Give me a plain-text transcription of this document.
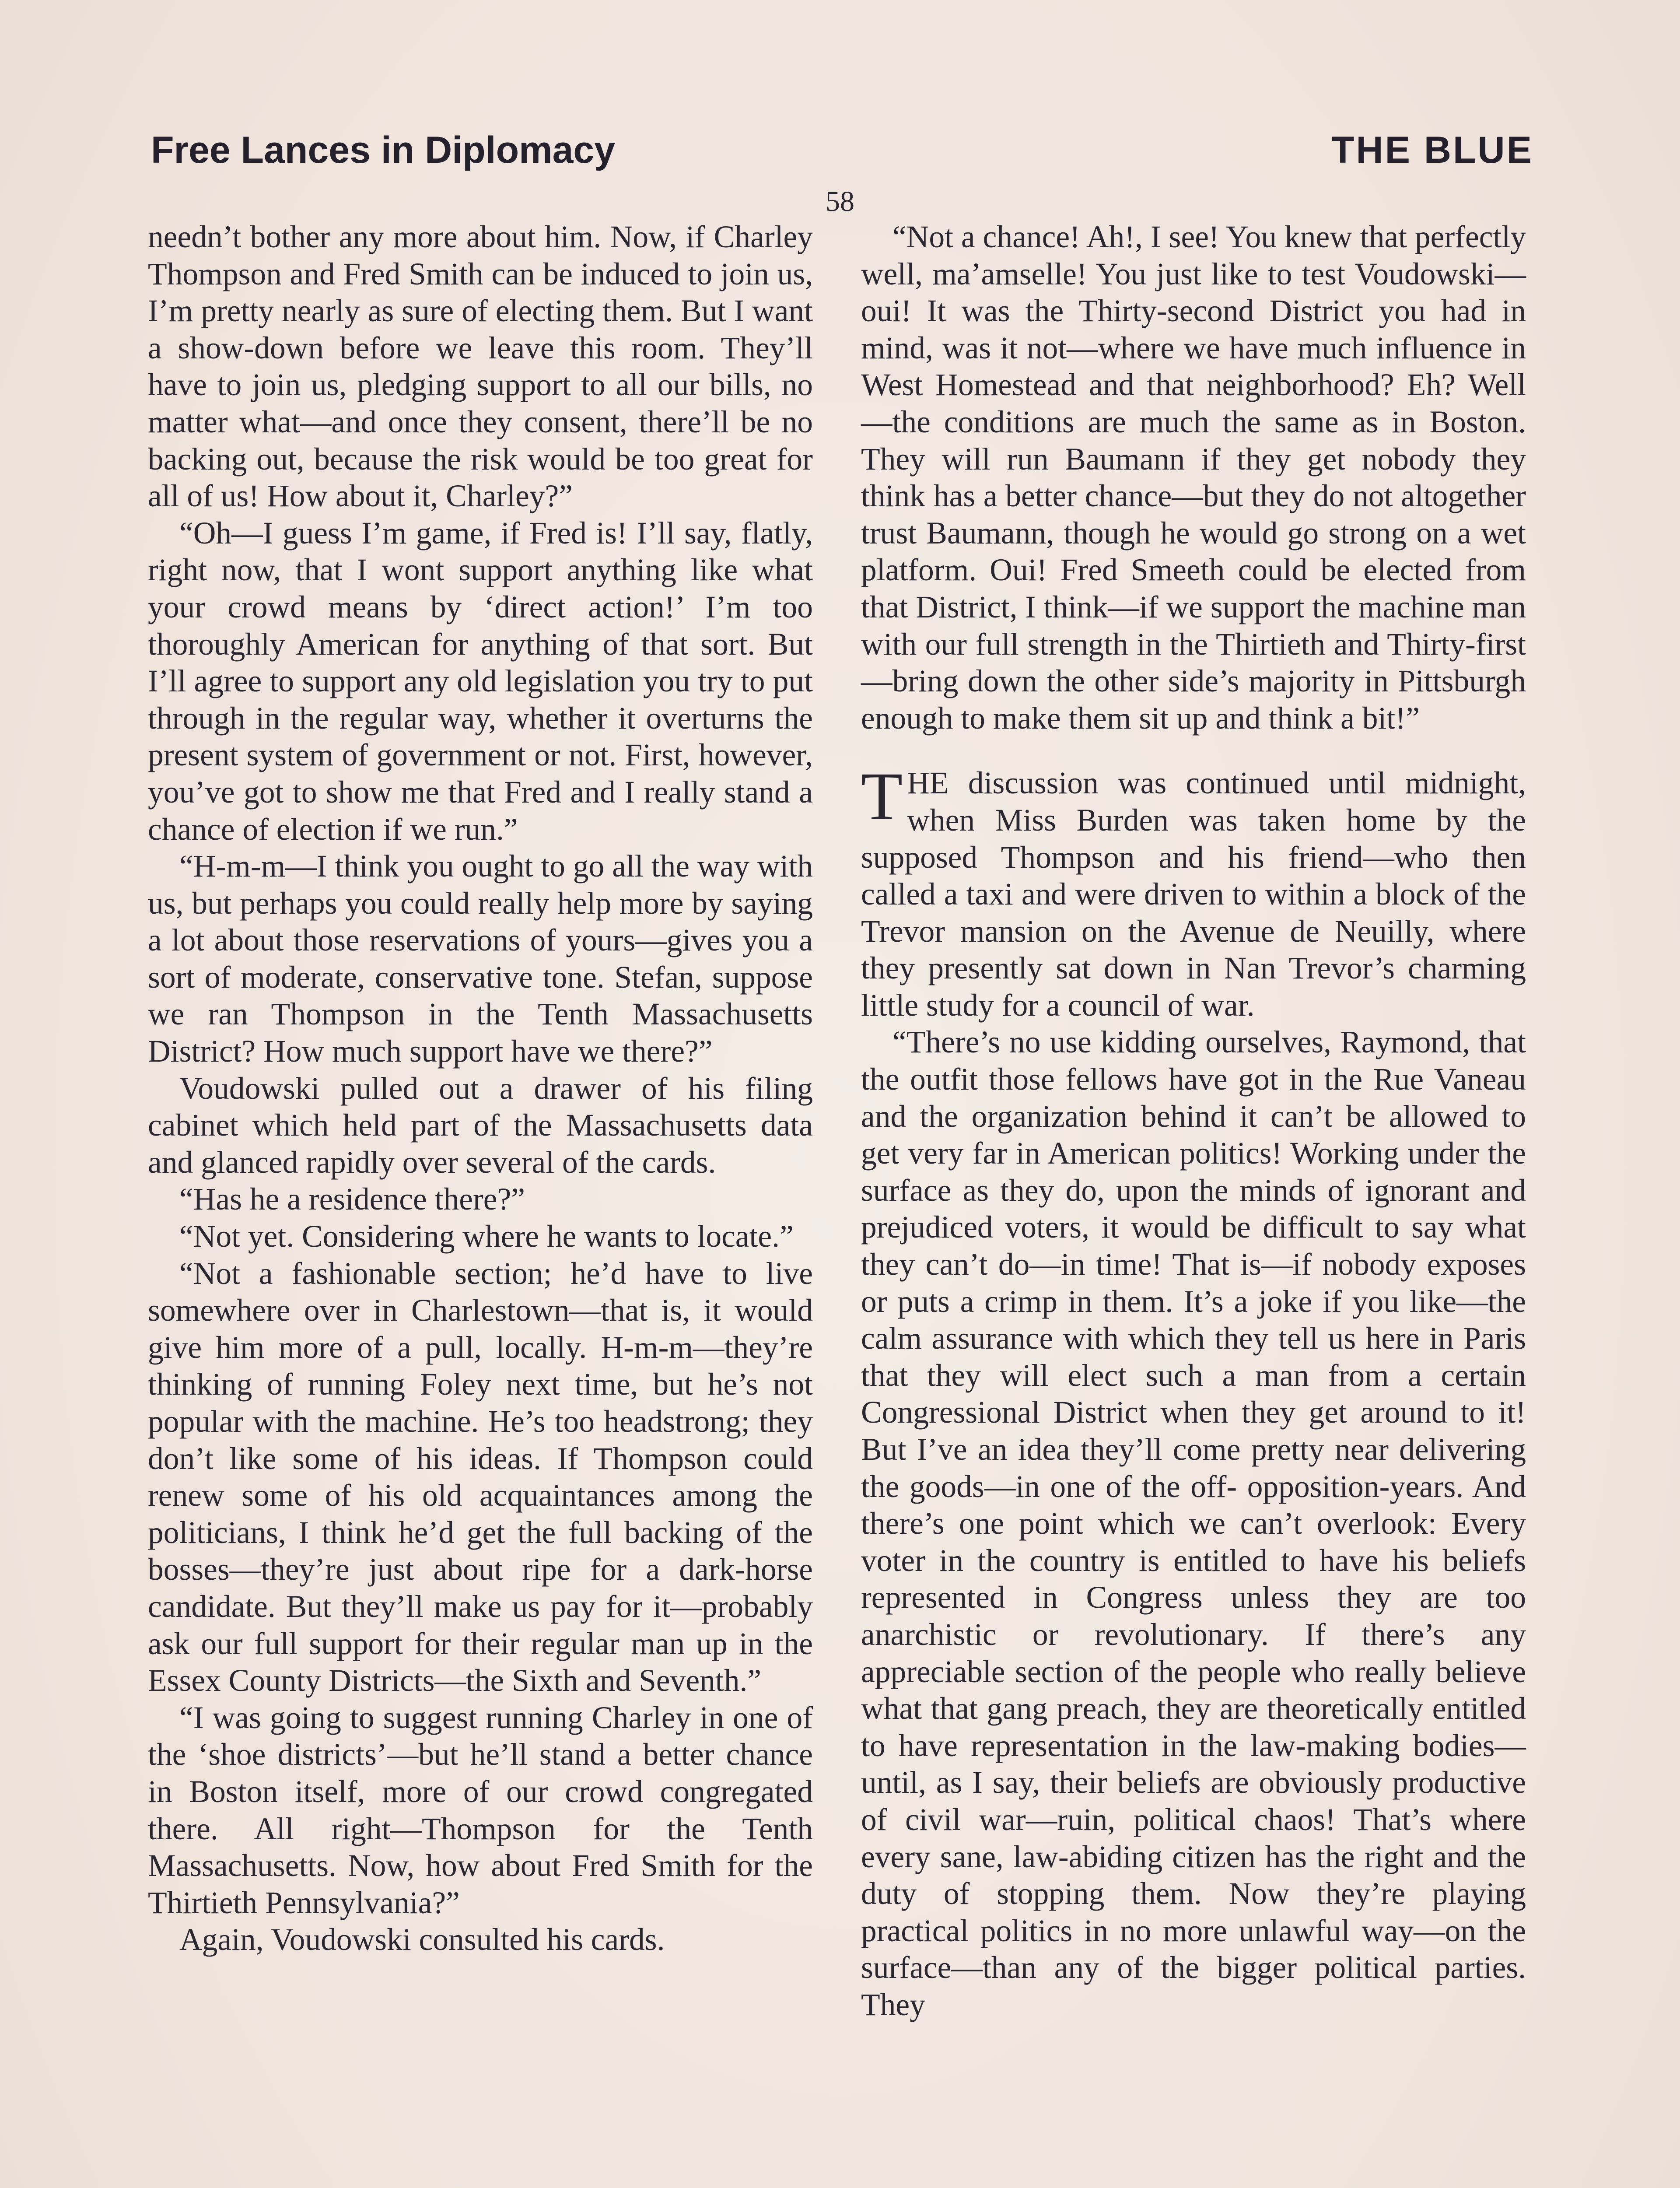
Free Lances in Diplomacy	THE BLUE
58

needn’t bother any more about him. Now, if Charley Thompson and Fred Smith can be induced to join us, I’m pretty nearly as sure of electing them. But I want a show-down before we leave this room. They’ll have to join us, pledging support to all our bills, no matter what—and once they consent, there’ll be no backing out, because the risk would be too great for all of us! How about it, Charley?”

“Oh—I guess I’m game, if Fred is! I’ll say, flatly, right now, that I wont support anything like what your crowd means by ‘direct action!’ I’m too thoroughly American for anything of that sort. But I’ll agree to support any old legislation you try to put through in the regular way, whether it overturns the present system of government or not. First, however, you’ve got to show me that Fred and I really stand a chance of election if we run.”

“H-m-m—I think you ought to go all the way with us, but perhaps you could really help more by saying a lot about those reservations of yours—gives you a sort of moderate, conservative tone. Stefan, suppose we ran Thompson in the Tenth Massachusetts District? How much support have we there?”

Voudowski pulled out a drawer of his filing cabinet which held part of the Massachusetts data and glanced rapidly over several of the cards.

“Has he a residence there?”

“Not yet. Considering where he wants to locate.”

“Not a fashionable section; he’d have to live somewhere over in Charlestown—that is, it would give him more of a pull, locally. H-m-m—they’re thinking of running Foley next time, but he’s not popular with the machine. He’s too headstrong; they don’t like some of his ideas. If Thompson could renew some of his old acquaintances among the politicians, I think he’d get the full backing of the bosses—they’re just about ripe for a dark-horse candidate. But they’ll make us pay for it—probably ask our full support for their regular man up in the Essex County Districts—the Sixth and Seventh.”

“I was going to suggest running Charley in one of the ‘shoe districts’—but he’ll stand a better chance in Boston itself, more of our crowd congregated there. All right—Thompson for the Tenth Massachusetts. Now, how about Fred Smith for the Thirtieth Pennsylvania?”

Again, Voudowski consulted his cards.

“Not a chance! Ah!, I see! You knew that perfectly well, ma’amselle! You just like to test Voudowski—oui! It was the Thirty-second District you had in mind, was it not—where we have much influence in West Homestead and that neighborhood? Eh? Well—the conditions are much the same as in Boston. They will run Baumann if they get nobody they think has a better chance—but they do not altogether trust Baumann, though he would go strong on a wet platform. Oui! Fred Smeeth could be elected from that District, I think—if we support the machine man with our full strength in the Thirtieth and Thirty-first—bring down the other side’s majority in Pittsburgh enough to make them sit up and think a bit!”

THE discussion was continued until midnight, when Miss Burden was taken home by the supposed Thompson and his friend—who then called a taxi and were driven to within a block of the Trevor mansion on the Avenue de Neuilly, where they presently sat down in Nan Trevor’s charming little study for a council of war.

“There’s no use kidding ourselves, Raymond, that the outfit those fellows have got in the Rue Vaneau and the organization behind it can’t be allowed to get very far in American politics! Working under the surface as they do, upon the minds of ignorant and prejudiced voters, it would be difficult to say what they can’t do—in time! That is—if nobody exposes or puts a crimp in them. It’s a joke if you like—the calm assurance with which they tell us here in Paris that they will elect such a man from a certain Congressional District when they get around to it! But I’ve an idea they’ll come pretty near delivering the goods—in one of the off- opposition-years. And there’s one point which we can’t overlook: Every voter in the country is entitled to have his beliefs represented in Congress unless they are too anarchistic or revolutionary. If there’s any appreciable section of the people who really believe what that gang preach, they are theoretically entitled to have representation in the law-making bodies—until, as I say, their beliefs are obviously productive of civil war—ruin, political chaos! That’s where every sane, law-abiding citizen has the right and the duty of stopping them. Now they’re playing practical politics in no more unlawful way—on the surface—than any of the bigger political parties. They
